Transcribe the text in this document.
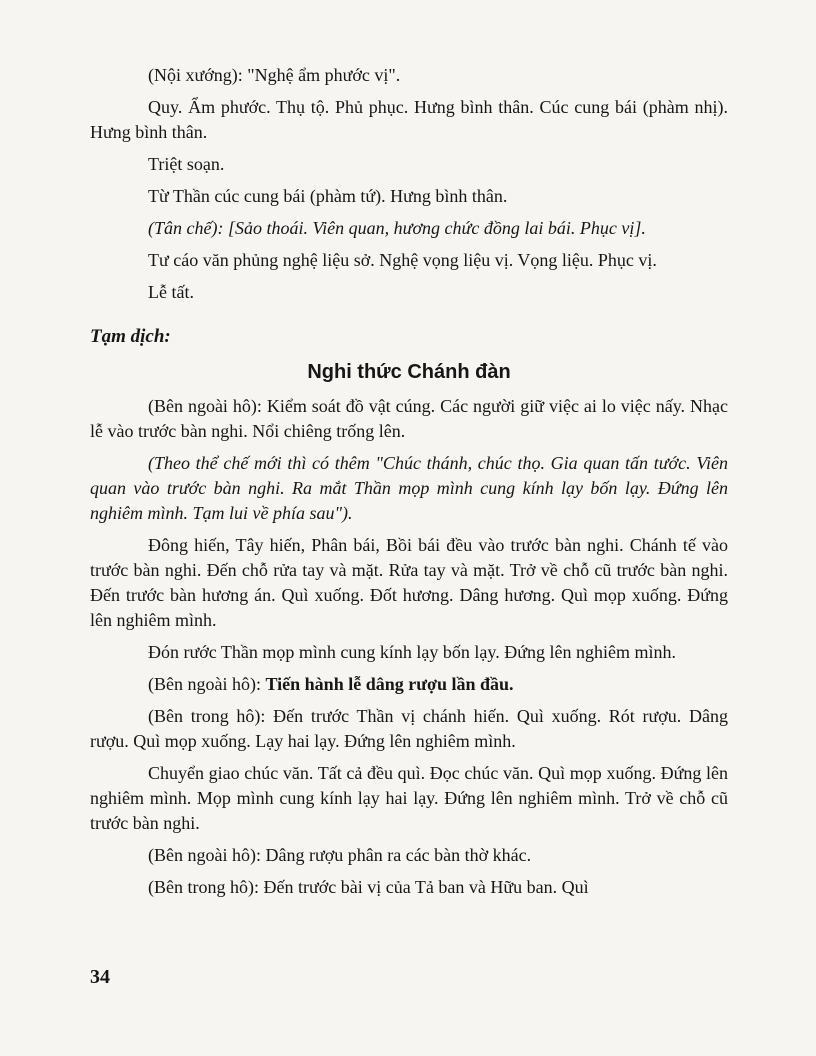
(Nội xướng): "Nghệ ẩm phước vị".

Quy. Ẩm phước. Thụ tộ. Phủ phục. Hưng bình thân. Cúc cung bái (phàm nhị). Hưng bình thân.

Triệt soạn.

Từ Thần cúc cung bái (phàm tứ). Hưng bình thân.

(Tân chế): [Sảo thoái. Viên quan, hương chức đồng lai bái. Phục vị].

Tư cáo văn phủng nghệ liệu sở. Nghệ vọng liệu vị. Vọng liệu. Phục vị.

Lễ tất.

Tạm dịch:
Nghi thức Chánh đàn

(Bên ngoài hô): Kiểm soát đồ vật cúng. Các người giữ việc ai lo việc nấy. Nhạc lễ vào trước bàn nghi. Nổi chiêng trống lên.

(Theo thể chế mới thì có thêm "Chúc thánh, chúc thọ. Gia quan tấn tước. Viên quan vào trước bàn nghi. Ra mắt Thần mọp mình cung kính lạy bốn lạy. Đứng lên nghiêm mình. Tạm lui về phía sau").

Đông hiến, Tây hiến, Phân bái, Bồi bái đều vào trước bàn nghi. Chánh tế vào trước bàn nghi. Đến chỗ rửa tay và mặt. Rửa tay và mặt. Trở về chỗ cũ trước bàn nghi. Đến trước bàn hương án. Quì xuống. Đốt hương. Dâng hương. Quì mọp xuống. Đứng lên nghiêm mình.

Đón rước Thần mọp mình cung kính lạy bốn lạy. Đứng lên nghiêm mình.

(Bên ngoài hô): Tiến hành lễ dâng rượu lần đầu.

(Bên trong hô): Đến trước Thần vị chánh hiến. Quì xuống. Rót rượu. Dâng rượu. Quì mọp xuống. Lạy hai lạy. Đứng lên nghiêm mình.

Chuyển giao chúc văn. Tất cả đều quì. Đọc chúc văn. Quì mọp xuống. Đứng lên nghiêm mình. Mọp mình cung kính lạy hai lạy. Đứng lên nghiêm mình. Trở về chỗ cũ trước bàn nghi.

(Bên ngoài hô): Dâng rượu phân ra các bàn thờ khác.

(Bên trong hô): Đến trước bài vị của Tả ban và Hữu ban. Quì

34
